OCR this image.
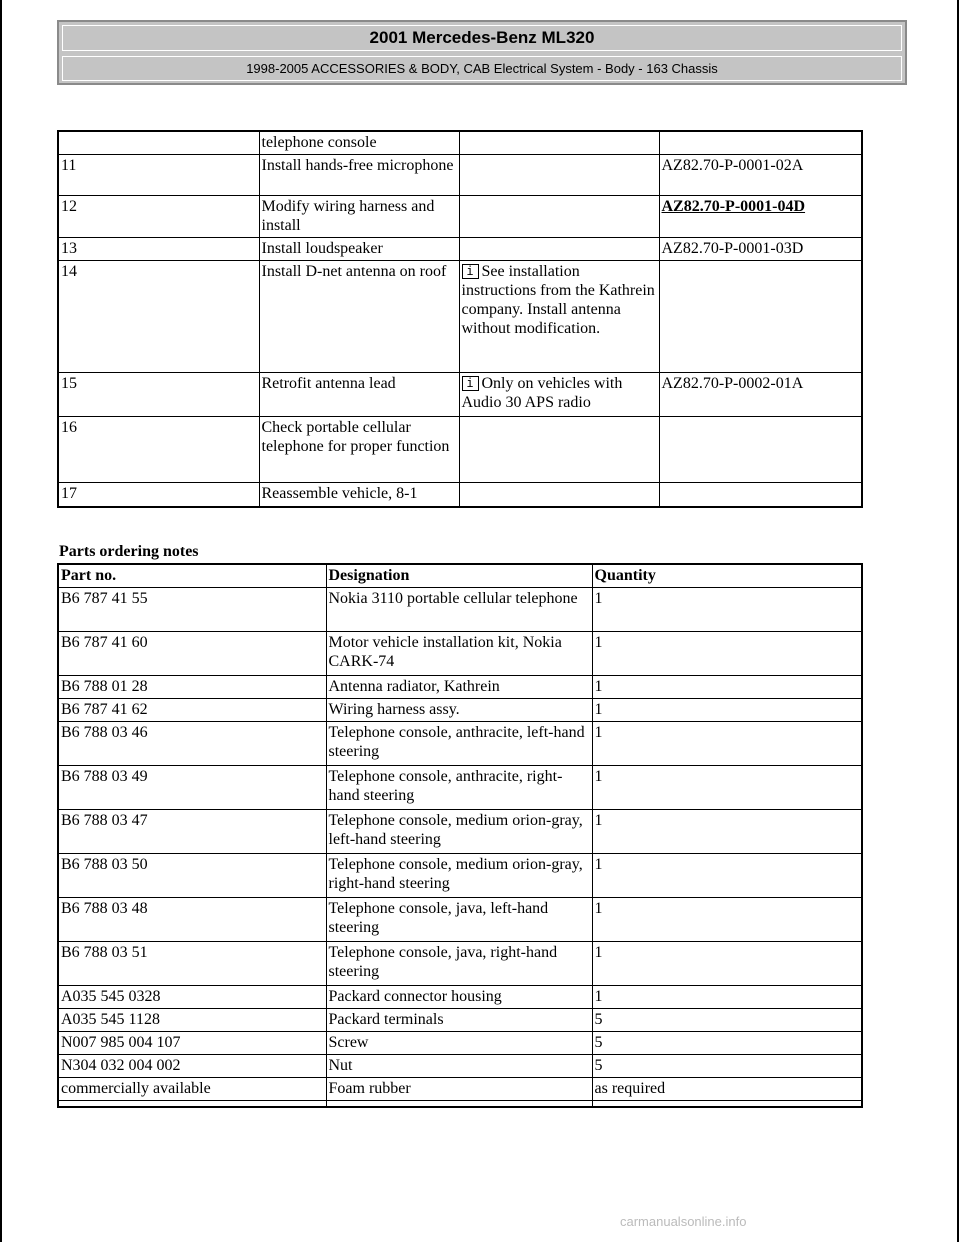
2001 Mercedes-Benz ML320
1998-2005 ACCESSORIES & BODY, CAB Electrical System - Body - 163 Chassis
	telephone console		
11	Install hands-free microphone		AZ82.70-P-0001-02A
12	Modify wiring harness and install		AZ82.70-P-0001-04D
13	Install loudspeaker		AZ82.70-P-0001-03D
14	Install D-net antenna on roof	i See installation instructions from the Kathrein company. Install antenna without modification.	
15	Retrofit antenna lead	i Only on vehicles with Audio 30 APS radio	AZ82.70-P-0002-01A
16	Check portable cellular telephone for proper function		
17	Reassemble vehicle, 8-1		
Parts ordering notes
Part no.	Designation	Quantity
B6 787 41 55	Nokia 3110 portable cellular telephone	1
B6 787 41 60	Motor vehicle installation kit, Nokia CARK-74	1
B6 788 01 28	Antenna radiator, Kathrein	1
B6 787 41 62	Wiring harness assy.	1
B6 788 03 46	Telephone console, anthracite, left-hand steering	1
B6 788 03 49	Telephone console, anthracite, right-hand steering	1
B6 788 03 47	Telephone console, medium orion-gray, left-hand steering	1
B6 788 03 50	Telephone console, medium orion-gray, right-hand steering	1
B6 788 03 48	Telephone console, java, left-hand steering	1
B6 788 03 51	Telephone console, java, right-hand steering	1
A035 545 0328	Packard connector housing	1
A035 545 1128	Packard terminals	5
N007 985 004 107	Screw	5
N304 032 004 002	Nut	5
commercially available	Foam rubber	as required

carmanualsonline.info
